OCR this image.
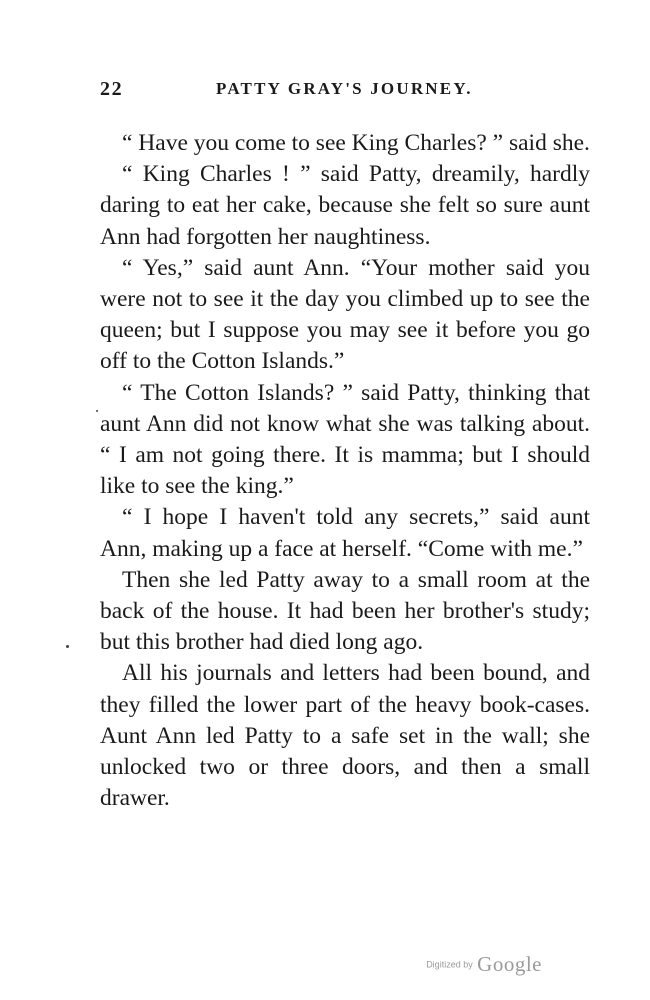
22	PATTY GRAY'S JOURNEY.

“ Have you come to see King Charles? ” said she.

“ King Charles ! ” said Patty, dreamily, hardly daring to eat her cake, because she felt so sure aunt Ann had forgotten her naughtiness.

“ Yes,” said aunt Ann. “Your mother said you were not to see it the day you climbed up to see the queen; but I suppose you may see it before you go off to the Cotton Islands.”

“ The Cotton Islands? ” said Patty, thinking that aunt Ann did not know what she was talking about. “ I am not going there. It is mamma; but I should like to see the king.”

“ I hope I haven't told any secrets,” said aunt Ann, making up a face at herself. “Come with me.”

Then she led Patty away to a small room at the back of the house. It had been her brother's study; but this brother had died long ago.

All his journals and letters had been bound, and they filled the lower part of the heavy book-cases. Aunt Ann led Patty to a safe set in the wall; she unlocked two or three doors, and then a small drawer.

Digitized by Google
